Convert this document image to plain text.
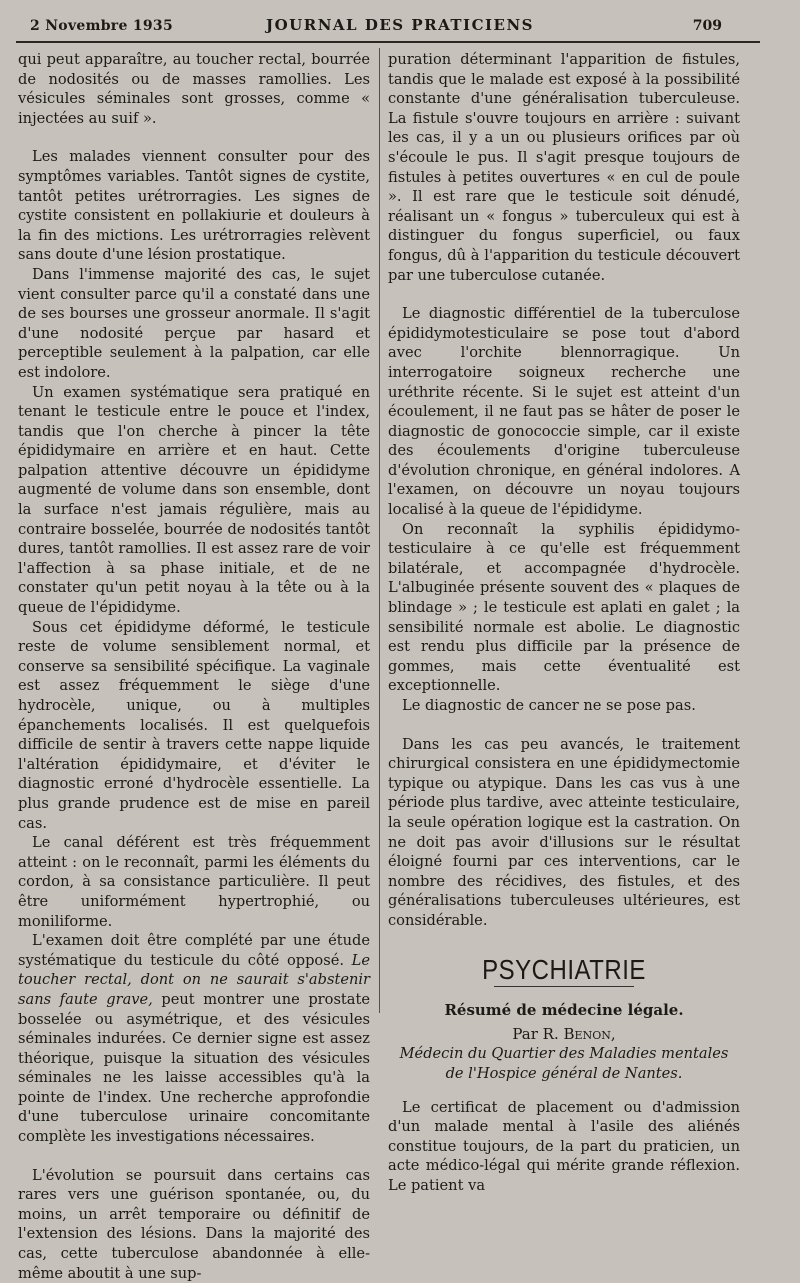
2 Novembre 1935	JOURNAL DES PRATICIENS	709

qui peut apparaître, au toucher rectal, bourrée de nodosités ou de masses ramollies. Les vésicules séminales sont grosses, comme « injectées au suif ».

Les malades viennent consulter pour des symptômes variables. Tantôt signes de cystite, tantôt petites urétrorragies. Les signes de cystite consistent en pollakiurie et douleurs à la fin des mictions. Les urétrorragies relèvent sans doute d'une lésion prostatique.

Dans l'immense majorité des cas, le sujet vient consulter parce qu'il a constaté dans une de ses bourses une grosseur anormale. Il s'agit d'une nodosité perçue par hasard et perceptible seulement à la palpation, car elle est indolore.

Un examen systématique sera pratiqué en tenant le testicule entre le pouce et l'index, tandis que l'on cherche à pincer la tête épididymaire en arrière et en haut. Cette palpation attentive découvre un épididyme augmenté de volume dans son ensemble, dont la surface n'est jamais régulière, mais au contraire bosselée, bourrée de nodosités tantôt dures, tantôt ramollies. Il est assez rare de voir l'affection à sa phase initiale, et de ne constater qu'un petit noyau à la tête ou à la queue de l'épididyme.

Sous cet épididyme déformé, le testicule reste de volume sensiblement normal, et conserve sa sensibilité spécifique. La vaginale est assez fréquemment le siège d'une hydrocèle, unique, ou à multiples épanchements localisés. Il est quelquefois difficile de sentir à travers cette nappe liquide l'altération épididymaire, et d'éviter le diagnostic erroné d'hydrocèle essentielle. La plus grande prudence est de mise en pareil cas.

Le canal déférent est très fréquemment atteint : on le reconnaît, parmi les éléments du cordon, à sa consistance particulière. Il peut être uniformément hypertrophié, ou moniliforme.

L'examen doit être complété par une étude systématique du testicule du côté opposé. Le toucher rectal, dont on ne saurait s'abstenir sans faute grave, peut montrer une prostate bosselée ou asymétrique, et des vésicules séminales indurées. Ce dernier signe est assez théorique, puisque la situation des vésicules séminales ne les laisse accessibles qu'à la pointe de l'index. Une recherche approfondie d'une tuberculose urinaire concomitante complète les investigations nécessaires.

L'évolution se poursuit dans certains cas rares vers une guérison spontanée, ou, du moins, un arrêt temporaire ou définitif de l'extension des lésions. Dans la majorité des cas, cette tuberculose abandonnée à elle-même aboutit à une sup-

puration déterminant l'apparition de fistules, tandis que le malade est exposé à la possibilité constante d'une généralisation tuberculeuse. La fistule s'ouvre toujours en arrière : suivant les cas, il y a un ou plusieurs orifices par où s'écoule le pus. Il s'agit presque toujours de fistules à petites ouvertures « en cul de poule ». Il est rare que le testicule soit dénudé, réalisant un « fongus » tuberculeux qui est à distinguer du fongus superficiel, ou faux fongus, dû à l'apparition du testicule découvert par une tuberculose cutanée.

Le diagnostic différentiel de la tuberculose épididymotesticulaire se pose tout d'abord avec l'orchite blennorragique. Un interrogatoire soigneux recherche une uréthrite récente. Si le sujet est atteint d'un écoulement, il ne faut pas se hâter de poser le diagnostic de gonococcie simple, car il existe des écoulements d'origine tuberculeuse d'évolution chronique, en général indolores. A l'examen, on découvre un noyau toujours localisé à la queue de l'épididyme.

On reconnaît la syphilis épididymo-testiculaire à ce qu'elle est fréquemment bilatérale, et accompagnée d'hydrocèle. L'albuginée présente souvent des « plaques de blindage » ; le testicule est aplati en galet ; la sensibilité normale est abolie. Le diagnostic est rendu plus difficile par la présence de gommes, mais cette éventualité est exceptionnelle.

Le diagnostic de cancer ne se pose pas.

Dans les cas peu avancés, le traitement chirurgical consistera en une épididymectomie typique ou atypique. Dans les cas vus à une période plus tardive, avec atteinte testiculaire, la seule opération logique est la castration. On ne doit pas avoir d'illusions sur le résultat éloigné fourni par ces interventions, car le nombre des récidives, des fistules, et des généralisations tuberculeuses ultérieures, est considérable.

PSYCHIATRIE
Résumé de médecine légale.
Par R. Benon,
Médecin du Quartier des Maladies mentales
de l'Hospice général de Nantes.

Le certificat de placement ou d'admission d'un malade mental à l'asile des aliénés constitue toujours, de la part du praticien, un acte médico-légal qui mérite grande réflexion. Le patient va
